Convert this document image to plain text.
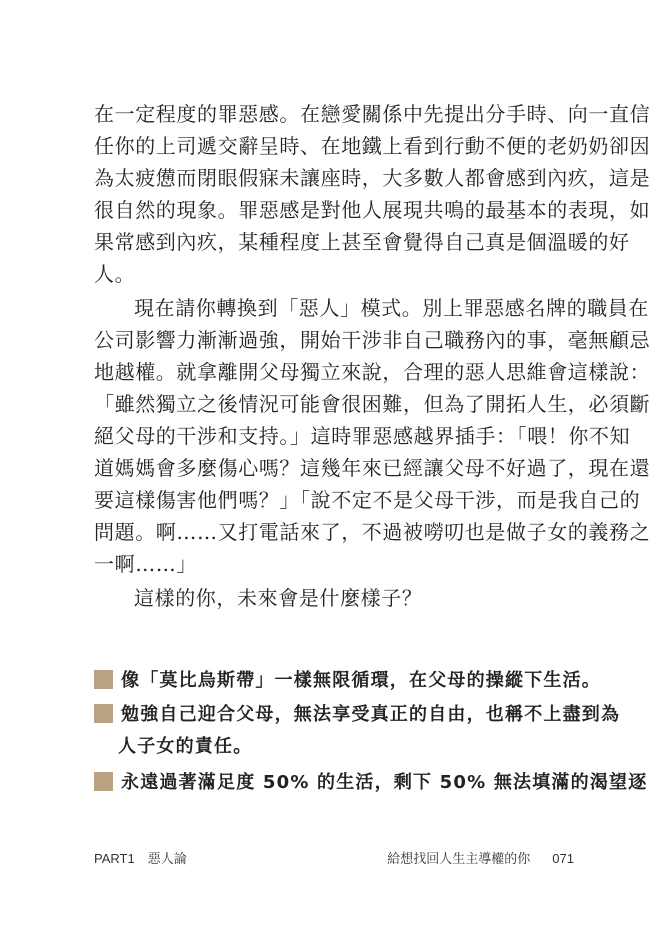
在一定程度的罪惡感。在戀愛關係中先提出分手時、向一直信
任你的上司遞交辭呈時、在地鐵上看到行動不便的老奶奶卻因
為太疲憊而閉眼假寐未讓座時，大多數人都會感到內疚，這是
很自然的現象。罪惡感是對他人展現共鳴的最基本的表現，如
果常感到內疚，某種程度上甚至會覺得自己真是個溫暖的好
人。
現在請你轉換到「惡人」模式。別上罪惡感名牌的職員在
公司影響力漸漸過強，開始干涉非自己職務內的事，毫無顧忌
地越權。就拿離開父母獨立來說，合理的惡人思維會這樣說：
「雖然獨立之後情況可能會很困難，但為了開拓人生，必須斷
絕父母的干涉和支持。」這時罪惡感越界插手：「喂！你不知
道媽媽會多麼傷心嗎？這幾年來已經讓父母不好過了，現在還
要這樣傷害他們嗎？」「說不定不是父母干涉，而是我自己的
問題。啊……又打電話來了，不過被嘮叨也是做子女的義務之
一啊……」
這樣的你，未來會是什麼樣子？
像「莫比烏斯帶」一樣無限循環，在父母的操縱下生活。
勉強自己迎合父母，無法享受真正的自由，也稱不上盡到為
人子女的責任。
永遠過著滿足度 50% 的生活，剩下 50% 無法填滿的渴望逐
PART1　惡人論	給想找回人生主導權的你 071
